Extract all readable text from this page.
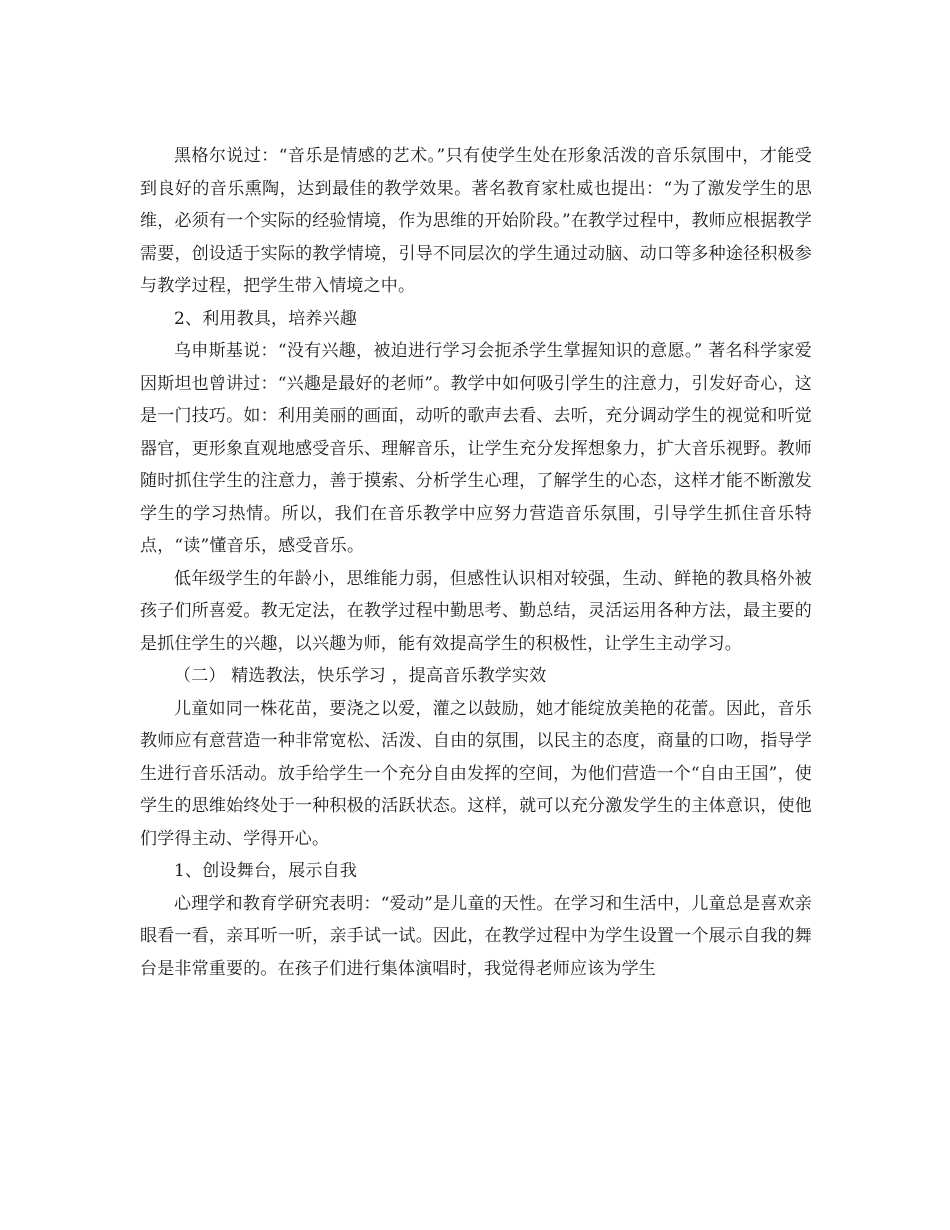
黑格尔说过：“音乐是情感的艺术。”只有使学生处在形象活泼的音乐氛围中，才能受到良好的音乐熏陶，达到最佳的教学效果。著名教育家杜威也提出：“为了激发学生的思维，必须有一个实际的经验情境，作为思维的开始阶段。”在教学过程中，教师应根据教学需要，创设适于实际的教学情境，引导不同层次的学生通过动脑、动口等多种途径积极参与教学过程，把学生带入情境之中。

2、利用教具，培养兴趣

乌申斯基说：“没有兴趣，被迫进行学习会扼杀学生掌握知识的意愿。” 著名科学家爱因斯坦也曾讲过：“兴趣是最好的老师”。教学中如何吸引学生的注意力，引发好奇心，这是一门技巧。如：利用美丽的画面，动听的歌声去看、去听，充分调动学生的视觉和听觉器官，更形象直观地感受音乐、理解音乐，让学生充分发挥想象力，扩大音乐视野。教师随时抓住学生的注意力，善于摸索、分析学生心理，了解学生的心态，这样才能不断激发学生的学习热情。所以，我们在音乐教学中应努力营造音乐氛围，引导学生抓住音乐特点，“读”懂音乐，感受音乐。

低年级学生的年龄小，思维能力弱，但感性认识相对较强，生动、鲜艳的教具格外被孩子们所喜爱。教无定法，在教学过程中勤思考、勤总结，灵活运用各种方法，最主要的是抓住学生的兴趣，以兴趣为师，能有效提高学生的积极性，让学生主动学习。

（二） 精选教法，快乐学习 ，提高音乐教学实效

儿童如同一株花苗，要浇之以爱，灌之以鼓励，她才能绽放美艳的花蕾。因此，音乐教师应有意营造一种非常宽松、活泼、自由的氛围，以民主的态度，商量的口吻，指导学生进行音乐活动。放手给学生一个充分自由发挥的空间，为他们营造一个“自由王国”，使学生的思维始终处于一种积极的活跃状态。这样，就可以充分激发学生的主体意识，使他们学得主动、学得开心。

1、创设舞台，展示自我

心理学和教育学研究表明：“爱动”是儿童的天性。在学习和生活中，儿童总是喜欢亲眼看一看，亲耳听一听，亲手试一试。因此，在教学过程中为学生设置一个展示自我的舞台是非常重要的。在孩子们进行集体演唱时，我觉得老师应该为学生
